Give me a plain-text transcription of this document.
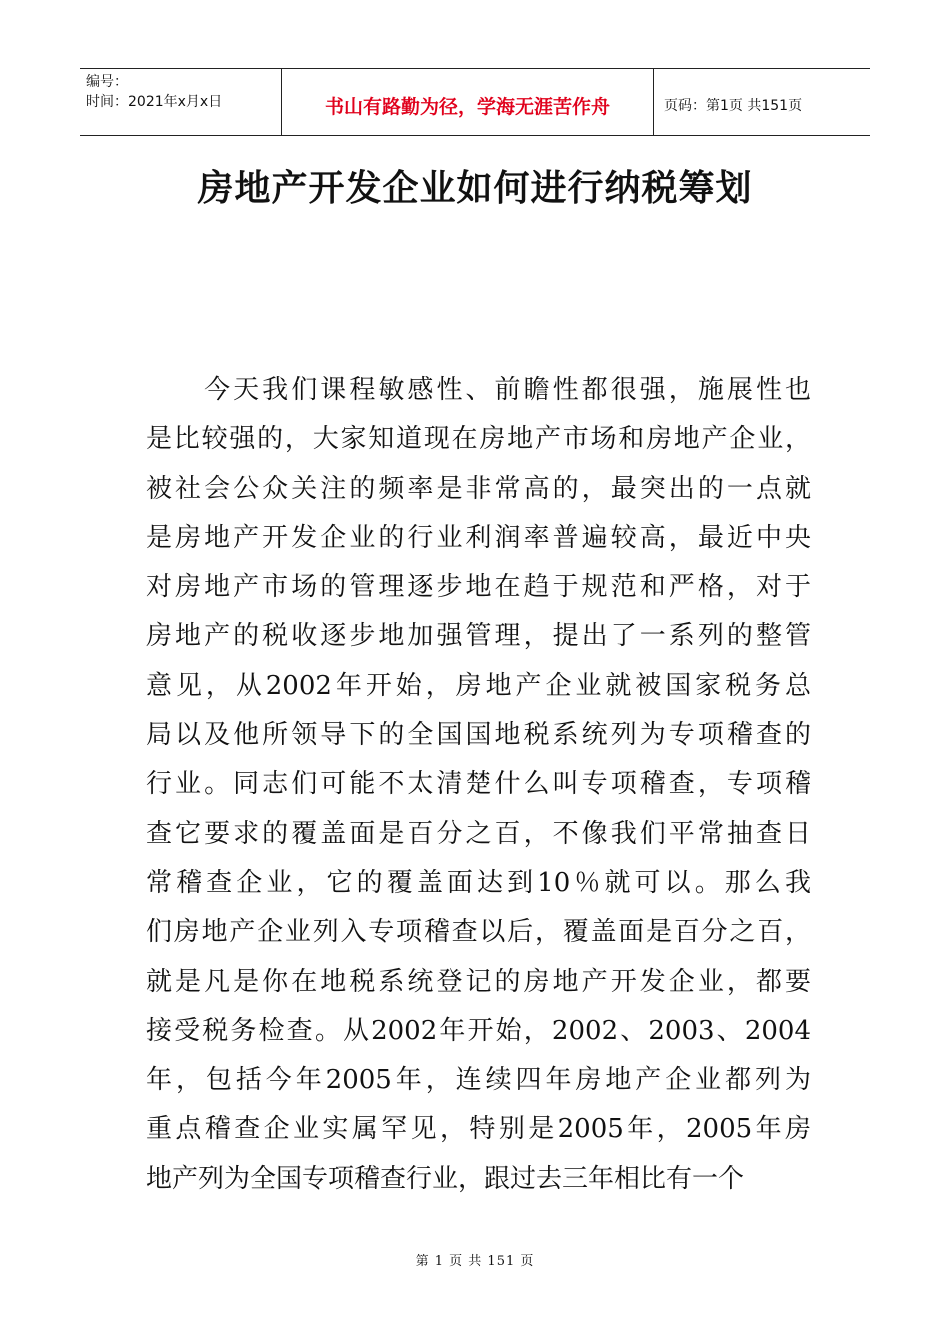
编号：
时间：2021年x月x日	书山有路勤为径，学海无涯苦作舟	页码：第1页 共151页
房地产开发企业如何进行纳税筹划
　　今天我们课程敏感性、前瞻性都很强，施展性也
是比较强的，大家知道现在房地产市场和房地产企业，
被社会公众关注的频率是非常高的，最突出的一点就
是房地产开发企业的行业利润率普遍较高，最近中央
对房地产市场的管理逐步地在趋于规范和严格，对于
房地产的税收逐步地加强管理，提出了一系列的整管
意见，从2002年开始，房地产企业就被国家税务总
局以及他所领导下的全国国地税系统列为专项稽查的
行业。同志们可能不太清楚什么叫专项稽查，专项稽
查它要求的覆盖面是百分之百，不像我们平常抽查日
常稽查企业，它的覆盖面达到10％就可以。那么我
们房地产企业列入专项稽查以后，覆盖面是百分之百，
就是凡是你在地税系统登记的房地产开发企业，都要
接受税务检查。从2002年开始，2002、2003、2004
年，包括今年2005年，连续四年房地产企业都列为
重点稽查企业实属罕见，特别是2005年，2005年房
地产列为全国专项稽查行业，跟过去三年相比有一个
第 1 页 共 151 页
